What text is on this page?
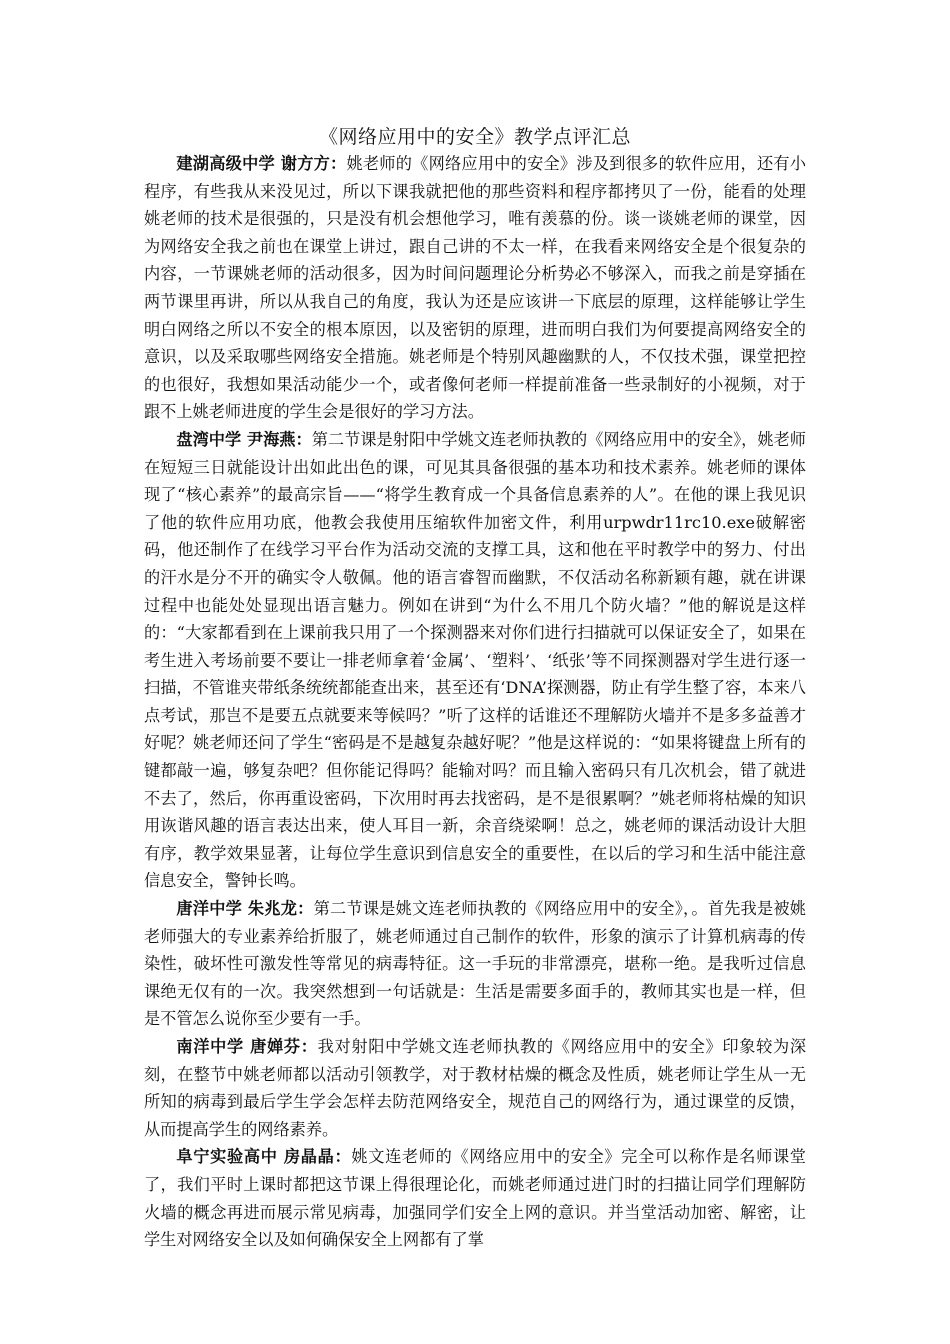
《网络应用中的安全》教学点评汇总

建湖高级中学 谢方方：姚老师的《网络应用中的安全》涉及到很多的软件应用，还有小程序，有些我从来没见过，所以下课我就把他的那些资料和程序都拷贝了一份，能看的处理姚老师的技术是很强的，只是没有机会想他学习，唯有羡慕的份。谈一谈姚老师的课堂，因为网络安全我之前也在课堂上讲过，跟自己讲的不太一样，在我看来网络安全是个很复杂的内容，一节课姚老师的活动很多，因为时间问题理论分析势必不够深入，而我之前是穿插在两节课里再讲，所以从我自己的角度，我认为还是应该讲一下底层的原理，这样能够让学生明白网络之所以不安全的根本原因，以及密钥的原理，进而明白我们为何要提高网络安全的意识，以及采取哪些网络安全措施。姚老师是个特别风趣幽默的人，不仅技术强，课堂把控的也很好，我想如果活动能少一个，或者像何老师一样提前准备一些录制好的小视频，对于跟不上姚老师进度的学生会是很好的学习方法。

盘湾中学 尹海燕：第二节课是射阳中学姚文连老师执教的《网络应用中的安全》，姚老师在短短三日就能设计出如此出色的课，可见其具备很强的基本功和技术素养。姚老师的课体现了“核心素养”的最高宗旨——“将学生教育成一个具备信息素养的人”。在他的课上我见识了他的软件应用功底，他教会我使用压缩软件加密文件，利用urpwdr11rc10.exe破解密码，他还制作了在线学习平台作为活动交流的支撑工具，这和他在平时教学中的努力、付出的汗水是分不开的确实令人敬佩。他的语言睿智而幽默，不仅活动名称新颖有趣，就在讲课过程中也能处处显现出语言魅力。例如在讲到“为什么不用几个防火墙？”他的解说是这样的：“大家都看到在上课前我只用了一个探测器来对你们进行扫描就可以保证安全了，如果在考生进入考场前要不要让一排老师拿着‘金属’、‘塑料’、‘纸张’等不同探测器对学生进行逐一扫描，不管谁夹带纸条统统都能查出来，甚至还有‘DNA’探测器，防止有学生整了容，本来八点考试，那岂不是要五点就要来等候吗？”听了这样的话谁还不理解防火墙并不是多多益善才好呢？姚老师还问了学生“密码是不是越复杂越好呢？”他是这样说的：“如果将键盘上所有的键都敲一遍，够复杂吧？但你能记得吗？能输对吗？而且输入密码只有几次机会，错了就进不去了，然后，你再重设密码，下次用时再去找密码，是不是很累啊？”姚老师将枯燥的知识用诙谐风趣的语言表达出来，使人耳目一新，余音绕梁啊！总之，姚老师的课活动设计大胆有序，教学效果显著，让每位学生意识到信息安全的重要性，在以后的学习和生活中能注意信息安全，警钟长鸣。

唐洋中学 朱兆龙：第二节课是姚文连老师执教的《网络应用中的安全》，。首先我是被姚老师强大的专业素养给折服了，姚老师通过自己制作的软件，形象的演示了计算机病毒的传染性，破坏性可激发性等常见的病毒特征。这一手玩的非常漂亮，堪称一绝。是我听过信息课绝无仅有的一次。我突然想到一句话就是：生活是需要多面手的，教师其实也是一样，但是不管怎么说你至少要有一手。

南洋中学 唐婵芬：我对射阳中学姚文连老师执教的《网络应用中的安全》印象较为深刻，在整节中姚老师都以活动引领教学，对于教材枯燥的概念及性质，姚老师让学生从一无所知的病毒到最后学生学会怎样去防范网络安全，规范自己的网络行为，通过课堂的反馈，从而提高学生的网络素养。

阜宁实验高中 房晶晶：姚文连老师的《网络应用中的安全》完全可以称作是名师课堂了，我们平时上课时都把这节课上得很理论化，而姚老师通过进门时的扫描让同学们理解防火墙的概念再进而展示常见病毒，加强同学们安全上网的意识。并当堂活动加密、解密，让学生对网络安全以及如何确保安全上网都有了掌
